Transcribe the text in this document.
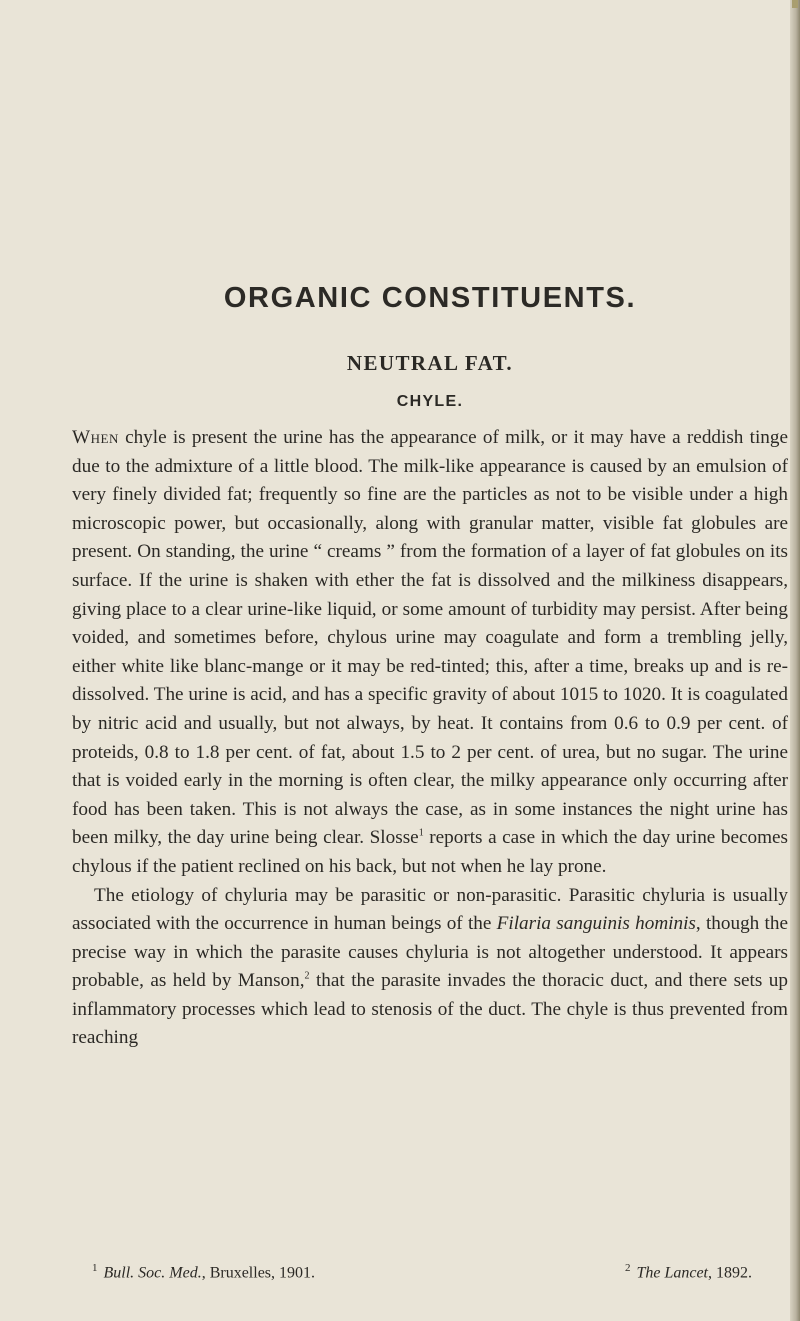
ORGANIC CONSTITUENTS.
NEUTRAL FAT.
CHYLE.

When chyle is present the urine has the appearance of milk, or it may have a reddish tinge due to the admixture of a little blood. The milk-like appearance is caused by an emulsion of very finely divided fat; frequently so fine are the particles as not to be visible under a high microscopic power, but occasionally, along with granular matter, visible fat globules are present. On standing, the urine “ creams ” from the formation of a layer of fat globules on its surface. If the urine is shaken with ether the fat is dissolved and the milkiness disappears, giving place to a clear urine-like liquid, or some amount of turbidity may persist. After being voided, and sometimes before, chylous urine may coagulate and form a trembling jelly, either white like blanc-mange or it may be red-tinted; this, after a time, breaks up and is re-dissolved. The urine is acid, and has a specific gravity of about 1015 to 1020. It is coagulated by nitric acid and usually, but not always, by heat. It contains from 0.6 to 0.9 per cent. of proteids, 0.8 to 1.8 per cent. of fat, about 1.5 to 2 per cent. of urea, but no sugar. The urine that is voided early in the morning is often clear, the milky appearance only occurring after food has been taken. This is not always the case, as in some instances the night urine has been milky, the day urine being clear. Slosse$^1$ reports a case in which the day urine becomes chylous if the patient reclined on his back, but not when he lay prone.

The etiology of chyluria may be parasitic or non-parasitic. Parasitic chyluria is usually associated with the occurrence in human beings of the Filaria sanguinis hominis, though the precise way in which the parasite causes chyluria is not altogether understood. It appears probable, as held by Manson,$^2$ that the parasite invades the thoracic duct, and there sets up inflammatory processes which lead to stenosis of the duct. The chyle is thus prevented from reaching

$^1$ Bull. Soc. Med., Bruxelles, 1901.	$^2$ The Lancet, 1892.
